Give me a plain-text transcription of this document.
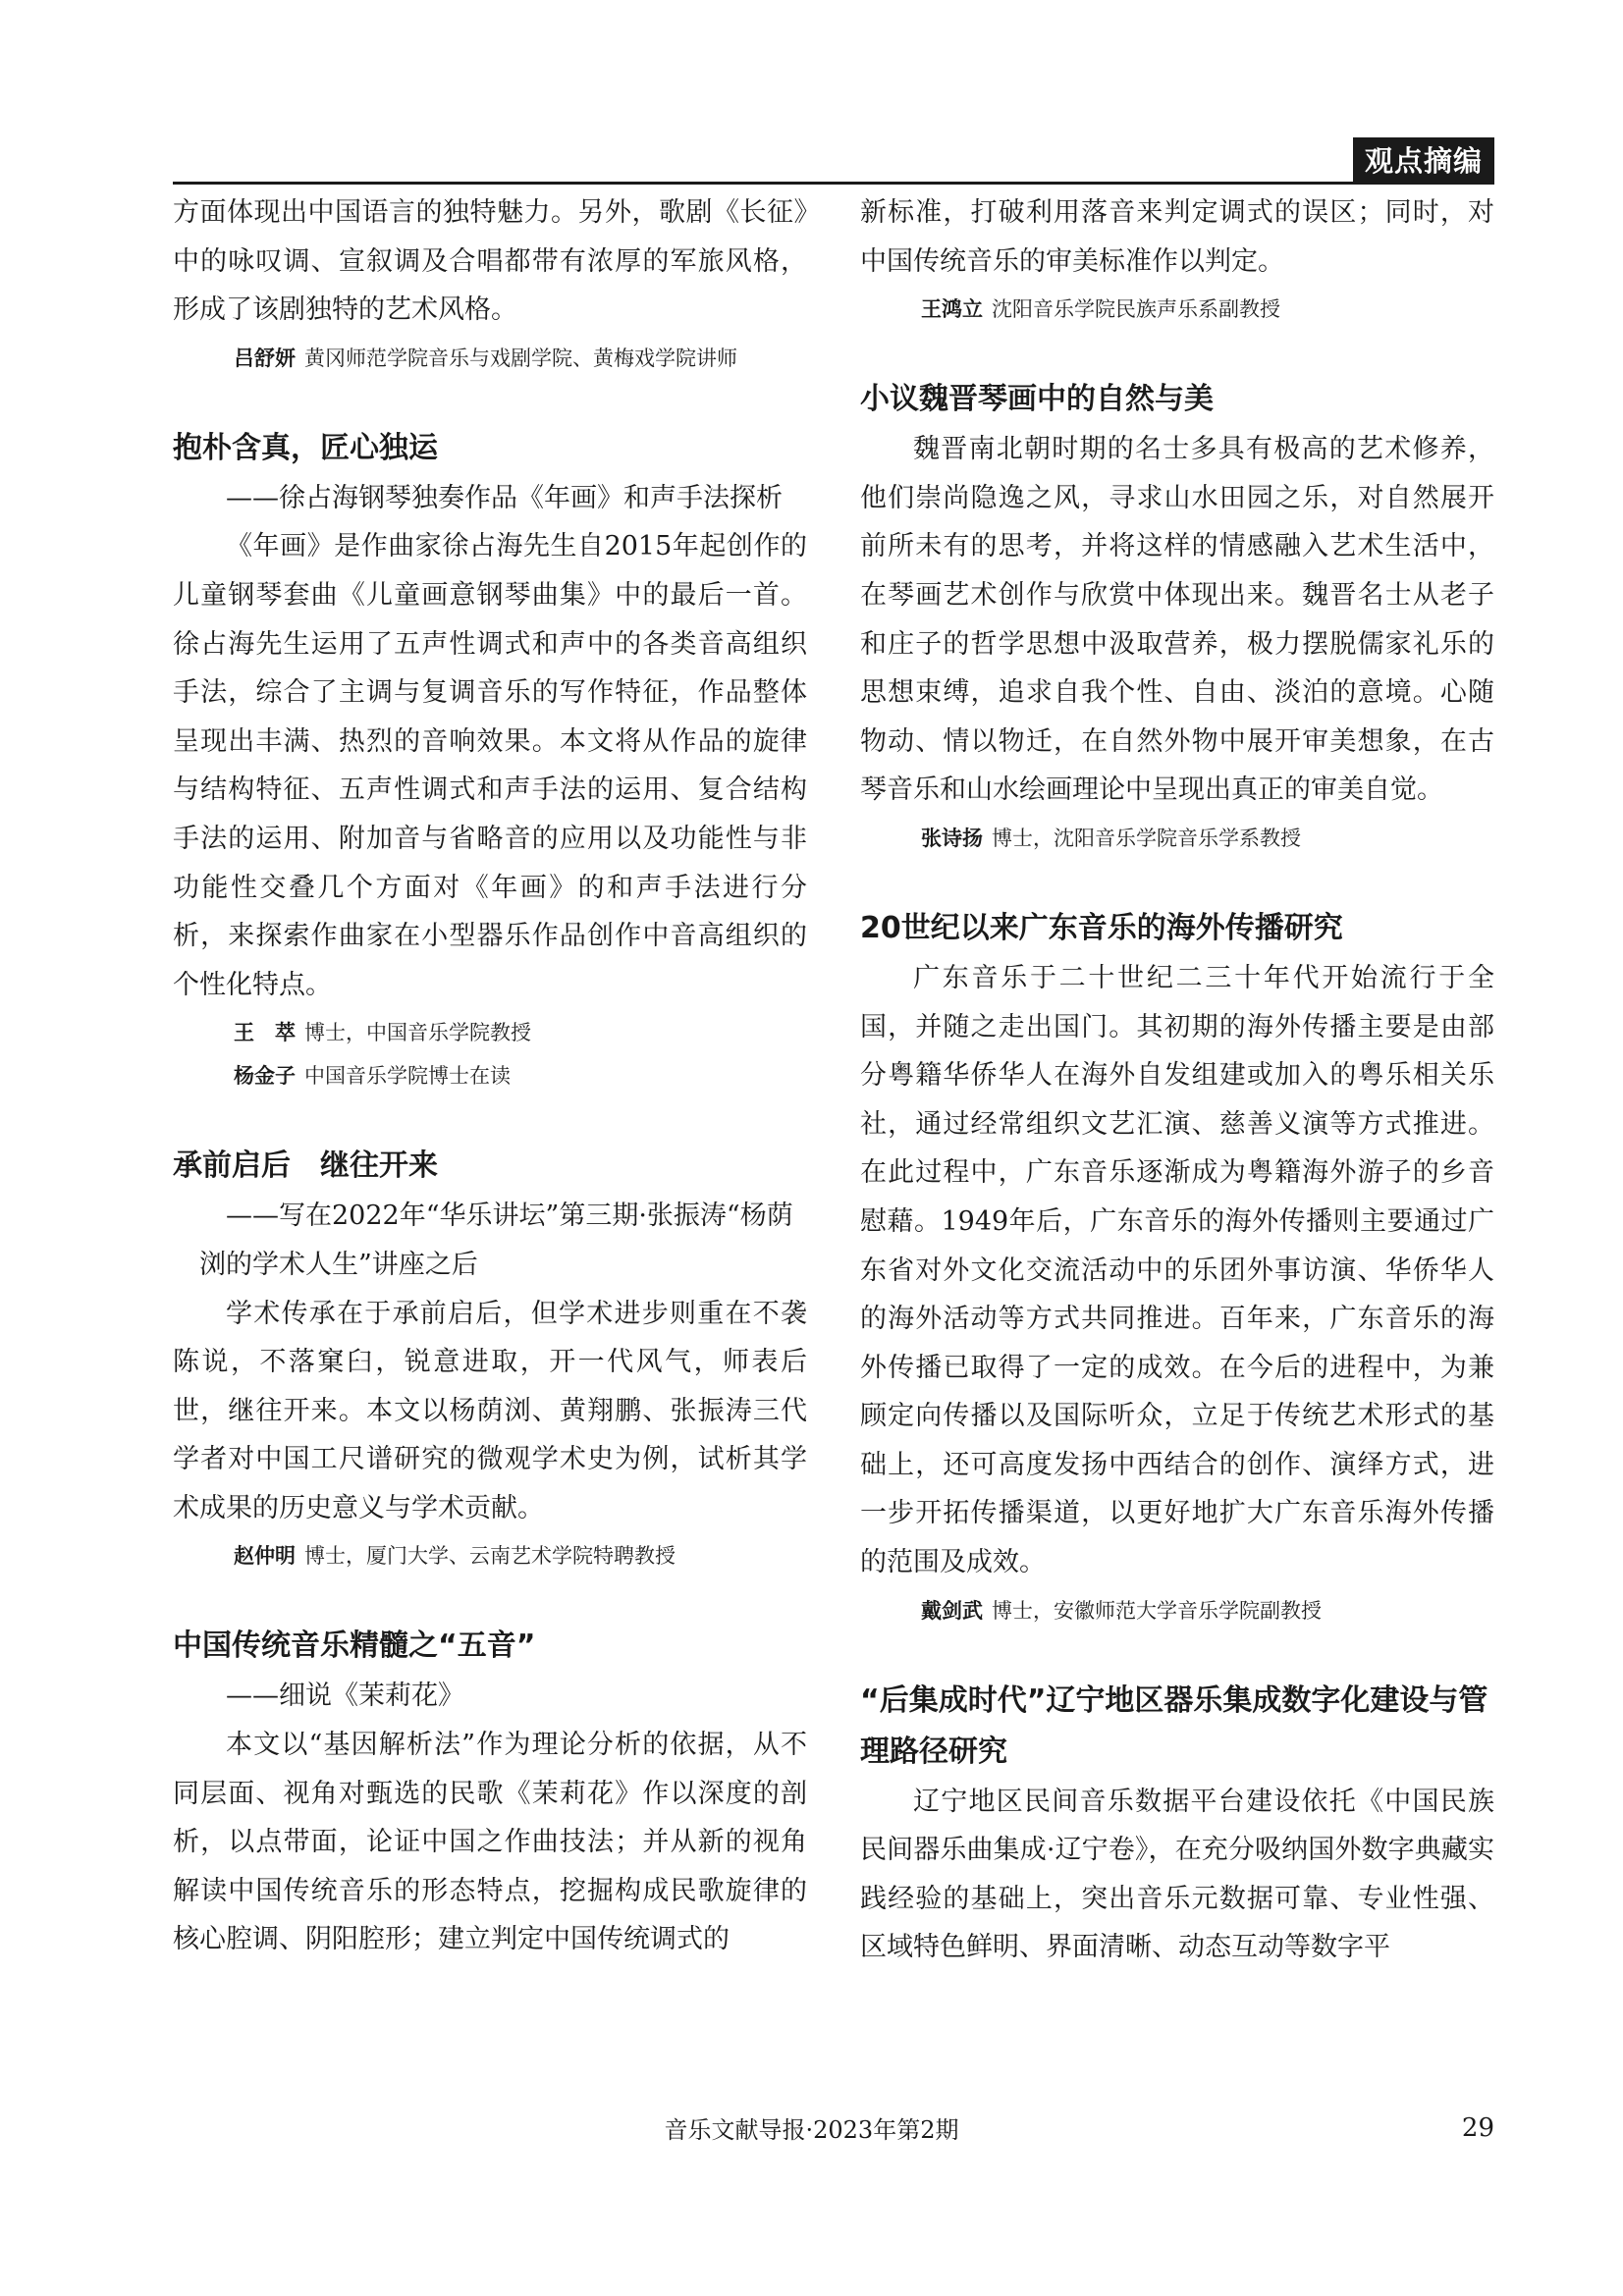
观点摘编

方面体现出中国语言的独特魅力。另外，歌剧《长征》中的咏叹调、宣叙调及合唱都带有浓厚的军旅风格，形成了该剧独特的艺术风格。

吕舒妍 黄冈师范学院音乐与戏剧学院、黄梅戏学院讲师
抱朴含真，匠心独运
——徐占海钢琴独奏作品《年画》和声手法探析

《年画》是作曲家徐占海先生自2015年起创作的儿童钢琴套曲《儿童画意钢琴曲集》中的最后一首。徐占海先生运用了五声性调式和声中的各类音高组织手法，综合了主调与复调音乐的写作特征，作品整体呈现出丰满、热烈的音响效果。本文将从作品的旋律与结构特征、五声性调式和声手法的运用、复合结构手法的运用、附加音与省略音的应用以及功能性与非功能性交叠几个方面对《年画》的和声手法进行分析，来探索作曲家在小型器乐作品创作中音高组织的个性化特点。

王　萃 博士，中国音乐学院教授
杨金子 中国音乐学院博士在读
承前启后　继往开来
——写在2022年“华乐讲坛”第三期·张振涛“杨荫浏的学术人生”讲座之后

学术传承在于承前启后，但学术进步则重在不袭陈说，不落窠臼，锐意进取，开一代风气，师表后世，继往开来。本文以杨荫浏、黄翔鹏、张振涛三代学者对中国工尺谱研究的微观学术史为例，试析其学术成果的历史意义与学术贡献。

赵仲明 博士，厦门大学、云南艺术学院特聘教授
中国传统音乐精髓之“五音”
——细说《茉莉花》

本文以“基因解析法”作为理论分析的依据，从不同层面、视角对甄选的民歌《茉莉花》作以深度的剖析，以点带面，论证中国之作曲技法；并从新的视角解读中国传统音乐的形态特点，挖掘构成民歌旋律的核心腔调、阴阳腔形；建立判定中国传统调式的

新标准，打破利用落音来判定调式的误区；同时，对中国传统音乐的审美标准作以判定。

王鸿立 沈阳音乐学院民族声乐系副教授
小议魏晋琴画中的自然与美

魏晋南北朝时期的名士多具有极高的艺术修养，他们崇尚隐逸之风，寻求山水田园之乐，对自然展开前所未有的思考，并将这样的情感融入艺术生活中，在琴画艺术创作与欣赏中体现出来。魏晋名士从老子和庄子的哲学思想中汲取营养，极力摆脱儒家礼乐的思想束缚，追求自我个性、自由、淡泊的意境。心随物动、情以物迁，在自然外物中展开审美想象，在古琴音乐和山水绘画理论中呈现出真正的审美自觉。

张诗扬 博士，沈阳音乐学院音乐学系教授
20世纪以来广东音乐的海外传播研究

广东音乐于二十世纪二三十年代开始流行于全国，并随之走出国门。其初期的海外传播主要是由部分粤籍华侨华人在海外自发组建或加入的粤乐相关乐社，通过经常组织文艺汇演、慈善义演等方式推进。在此过程中，广东音乐逐渐成为粤籍海外游子的乡音慰藉。1949年后，广东音乐的海外传播则主要通过广东省对外文化交流活动中的乐团外事访演、华侨华人的海外活动等方式共同推进。百年来，广东音乐的海外传播已取得了一定的成效。在今后的进程中，为兼顾定向传播以及国际听众，立足于传统艺术形式的基础上，还可高度发扬中西结合的创作、演绎方式，进一步开拓传播渠道，以更好地扩大广东音乐海外传播的范围及成效。

戴剑武 博士，安徽师范大学音乐学院副教授
“后集成时代”辽宁地区器乐集成数字化建设与管理路径研究

辽宁地区民间音乐数据平台建设依托《中国民族民间器乐曲集成·辽宁卷》，在充分吸纳国外数字典藏实践经验的基础上，突出音乐元数据可靠、专业性强、区域特色鲜明、界面清晰、动态互动等数字平

音乐文献导报·2023年第2期	29
